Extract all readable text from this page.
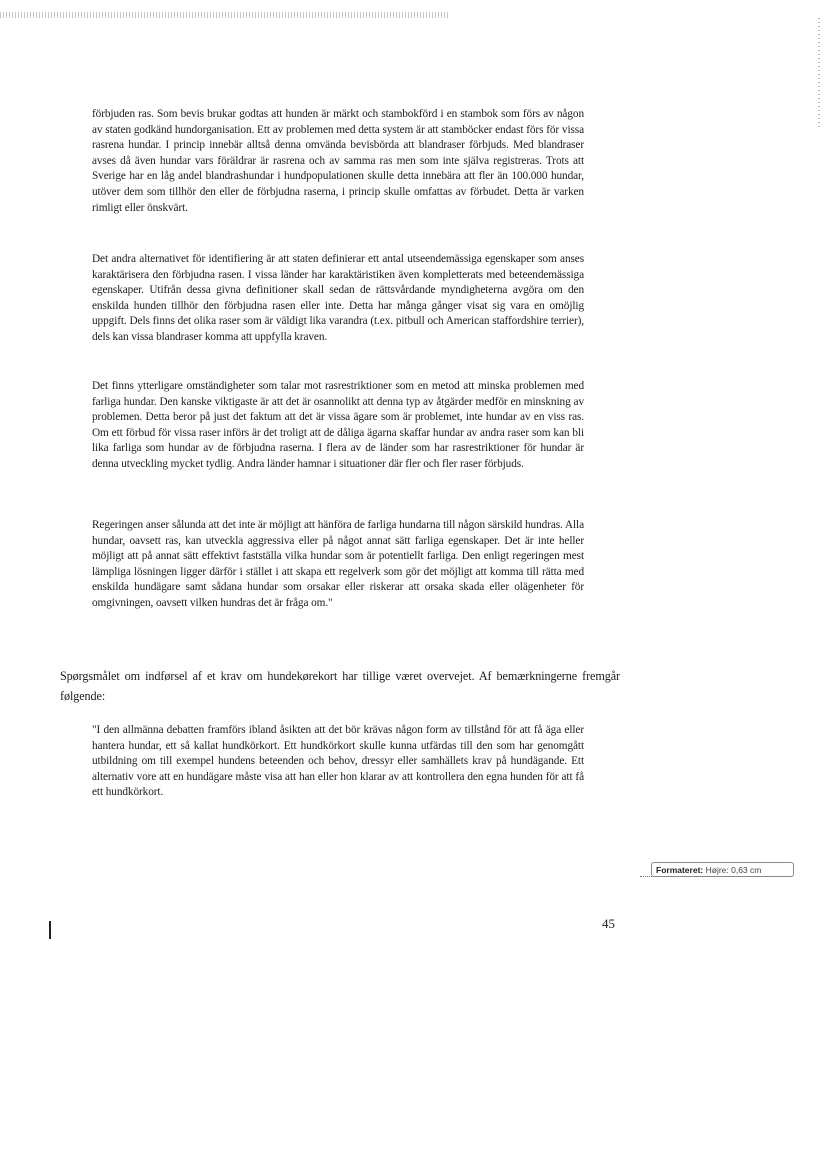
förbjuden ras. Som bevis brukar godtas att hunden är märkt och stambokförd i en stambok som förs av någon av staten godkänd hundorganisation. Ett av problemen med detta system är att stamböcker endast förs för vissa rasrena hundar. I princip innebär alltså denna omvända bevisbörda att blandraser förbjuds. Med blandraser avses då även hundar vars föräldrar är rasrena och av samma ras men som inte själva registreras. Trots att Sverige har en låg andel blandrashundar i hundpopulationen skulle detta innebära att fler än 100.000 hundar, utöver dem som tillhör den eller de förbjudna raserna, i princip skulle omfattas av förbudet. Detta är varken rimligt eller önskvärt.
Det andra alternativet för identifiering är att staten definierar ett antal utseendemässiga egenskaper som anses karaktärisera den förbjudna rasen. I vissa länder har karaktäristiken även kompletterats med beteendemässiga egenskaper. Utifrån dessa givna definitioner skall sedan de rättsvårdande myndigheterna avgöra om den enskilda hunden tillhör den förbjudna rasen eller inte. Detta har många gånger visat sig vara en omöjlig uppgift. Dels finns det olika raser som är väldigt lika varandra (t.ex. pitbull och American staffordshire terrier), dels kan vissa blandraser komma att uppfylla kraven.
Det finns ytterligare omständigheter som talar mot rasrestriktioner som en metod att minska problemen med farliga hundar. Den kanske viktigaste är att det är osannolikt att denna typ av åtgärder medför en minskning av problemen. Detta beror på just det faktum att det är vissa ägare som är problemet, inte hundar av en viss ras. Om ett förbud för vissa raser införs är det troligt att de dåliga ägarna skaffar hundar av andra raser som kan bli lika farliga som hundar av de förbjudna raserna. I flera av de länder som har rasrestriktioner för hundar är denna utveckling mycket tydlig. Andra länder hamnar i situationer där fler och fler raser förbjuds.
Regeringen anser sålunda att det inte är möjligt att hänföra de farliga hundarna till någon särskild hundras. Alla hundar, oavsett ras, kan utveckla aggressiva eller på något annat sätt farliga egenskaper. Det är inte heller möjligt att på annat sätt effektivt fastställa vilka hundar som är potentiellt farliga. Den enligt regeringen mest lämpliga lösningen ligger därför i stället i att skapa ett regelverk som gör det möjligt att komma till rätta med enskilda hundägare samt sådana hundar som orsakar eller riskerar att orsaka skada eller olägenheter för omgivningen, oavsett vilken hundras det är fråga om."
Spørgsmålet om indførsel af et krav om hundekørekort har tillige været overvejet. Af bemærkningerne fremgår følgende:
"I den allmänna debatten framförs ibland åsikten att det bör krävas någon form av tillstånd för att få äga eller hantera hundar, ett så kallat hundkörkort. Ett hundkörkort skulle kunna utfärdas till den som har genomgått utbildning om till exempel hundens beteenden och behov, dressyr eller samhällets krav på hundägande. Ett alternativ vore att en hundägare måste visa att han eller hon klarar av att kontrollera den egna hunden för att få ett hundkörkort.
Formateret: Højre: 0,63 cm
45
